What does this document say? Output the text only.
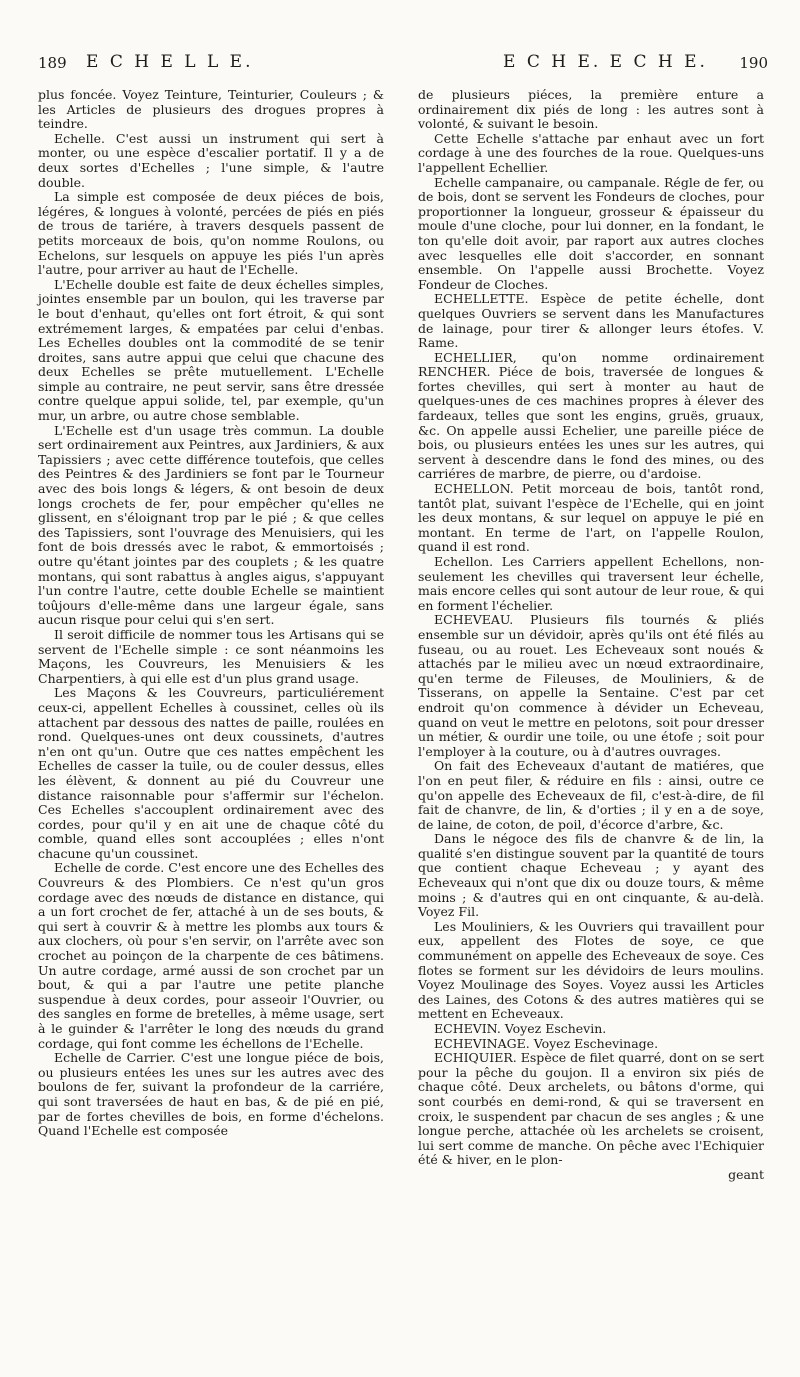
189 E C H E L L E.	E C H E. E C H E. 190

plus foncée. Voyez Teinture, Teinturier, Couleurs ; & les Articles de plusieurs des drogues propres à teindre.

Echelle. C'est aussi un instrument qui sert à monter, ou une espèce d'escalier portatif. Il y a de deux sortes d'Echelles ; l'une simple, & l'autre double.

La simple est composée de deux piéces de bois, légéres, & longues à volonté, percées de piés en piés de trous de tariére, à travers desquels passent de petits morceaux de bois, qu'on nomme Roulons, ou Echelons, sur lesquels on appuye les piés l'un après l'autre, pour arriver au haut de l'Echelle.

L'Echelle double est faite de deux échelles simples, jointes ensemble par un boulon, qui les traverse par le bout d'enhaut, qu'elles ont fort étroit, & qui sont extrémement larges, & empatées par celui d'enbas. Les Echelles doubles ont la commodité de se tenir droites, sans autre appui que celui que chacune des deux Echelles se prête mutuellement. L'Echelle simple au contraire, ne peut servir, sans être dressée contre quelque appui solide, tel, par exemple, qu'un mur, un arbre, ou autre chose semblable.

L'Echelle est d'un usage très commun. La double sert ordinairement aux Peintres, aux Jardiniers, & aux Tapissiers ; avec cette différence toutefois, que celles des Peintres & des Jardiniers se font par le Tourneur avec des bois longs & légers, & ont besoin de deux longs crochets de fer, pour empêcher qu'elles ne glissent, en s'éloignant trop par le pié ; & que celles des Tapissiers, sont l'ouvrage des Menuisiers, qui les font de bois dressés avec le rabot, & emmortoisés ; outre qu'étant jointes par des couplets ; & les quatre montans, qui sont rabattus à angles aigus, s'appuyant l'un contre l'autre, cette double Echelle se maintient toûjours d'elle-même dans une largeur égale, sans aucun risque pour celui qui s'en sert.

Il seroit difficile de nommer tous les Artisans qui se servent de l'Echelle simple : ce sont néanmoins les Maçons, les Couvreurs, les Menuisiers & les Charpentiers, à qui elle est d'un plus grand usage.

Les Maçons & les Couvreurs, particuliérement ceux-ci, appellent Echelles à coussinet, celles où ils attachent par dessous des nattes de paille, roulées en rond. Quelques-unes ont deux coussinets, d'autres n'en ont qu'un. Outre que ces nattes empêchent les Echelles de casser la tuile, ou de couler dessus, elles les élèvent, & donnent au pié du Couvreur une distance raisonnable pour s'affermir sur l'échelon. Ces Echelles s'accouplent ordinairement avec des cordes, pour qu'il y en ait une de chaque côté du comble, quand elles sont accouplées ; elles n'ont chacune qu'un coussinet.

Echelle de corde. C'est encore une des Echelles des Couvreurs & des Plombiers. Ce n'est qu'un gros cordage avec des nœuds de distance en distance, qui a un fort crochet de fer, attaché à un de ses bouts, & qui sert à couvrir & à mettre les plombs aux tours & aux clochers, où pour s'en servir, on l'arrête avec son crochet au poinçon de la charpente de ces bâtimens. Un autre cordage, armé aussi de son crochet par un bout, & qui a par l'autre une petite planche suspendue à deux cordes, pour asseoir l'Ouvrier, ou des sangles en forme de bretelles, à même usage, sert à le guinder & l'arrêter le long des nœuds du grand cordage, qui font comme les échellons de l'Echelle.

Echelle de Carrier. C'est une longue piéce de bois, ou plusieurs entées les unes sur les autres avec des boulons de fer, suivant la profondeur de la carriére, qui sont traversées de haut en bas, & de pié en pié, par de fortes chevilles de bois, en forme d'échelons. Quand l'Echelle est composée

de plusieurs piéces, la première enture a ordinairement dix piés de long : les autres sont à volonté, & suivant le besoin.

Cette Echelle s'attache par enhaut avec un fort cordage à une des fourches de la roue. Quelques-uns l'appellent Echellier.

Echelle campanaire, ou campanale. Régle de fer, ou de bois, dont se servent les Fondeurs de cloches, pour proportionner la longueur, grosseur & épaisseur du moule d'une cloche, pour lui donner, en la fondant, le ton qu'elle doit avoir, par raport aux autres cloches avec lesquelles elle doit s'accorder, en sonnant ensemble. On l'appelle aussi Brochette. Voyez Fondeur de Cloches.

ECHELLETTE. Espèce de petite échelle, dont quelques Ouvriers se servent dans les Manufactures de lainage, pour tirer & allonger leurs étofes. V. Rame.

ECHELLIER, qu'on nomme ordinairement RENCHER. Piéce de bois, traversée de longues & fortes chevilles, qui sert à monter au haut de quelques-unes de ces machines propres à élever des fardeaux, telles que sont les engins, gruës, gruaux, &c. On appelle aussi Echelier, une pareille piéce de bois, ou plusieurs entées les unes sur les autres, qui servent à descendre dans le fond des mines, ou des carriéres de marbre, de pierre, ou d'ardoise.

ECHELLON. Petit morceau de bois, tantôt rond, tantôt plat, suivant l'espèce de l'Echelle, qui en joint les deux montans, & sur lequel on appuye le pié en montant. En terme de l'art, on l'appelle Roulon, quand il est rond.

Echellon. Les Carriers appellent Echellons, non-seulement les chevilles qui traversent leur échelle, mais encore celles qui sont autour de leur roue, & qui en forment l'échelier.

ECHEVEAU. Plusieurs fils tournés & pliés ensemble sur un dévidoir, après qu'ils ont été filés au fuseau, ou au rouet. Les Echeveaux sont noués & attachés par le milieu avec un nœud extraordinaire, qu'en terme de Fileuses, de Mouliniers, & de Tisserans, on appelle la Sentaine. C'est par cet endroit qu'on commence à dévider un Echeveau, quand on veut le mettre en pelotons, soit pour dresser un métier, & ourdir une toile, ou une étofe ; soit pour l'employer à la couture, ou à d'autres ouvrages.

On fait des Echeveaux d'autant de matiéres, que l'on en peut filer, & réduire en fils : ainsi, outre ce qu'on appelle des Echeveaux de fil, c'est-à-dire, de fil fait de chanvre, de lin, & d'orties ; il y en a de soye, de laine, de coton, de poil, d'écorce d'arbre, &c.

Dans le négoce des fils de chanvre & de lin, la qualité s'en distingue souvent par la quantité de tours que contient chaque Echeveau ; y ayant des Echeveaux qui n'ont que dix ou douze tours, & même moins ; & d'autres qui en ont cinquante, & au-delà. Voyez Fil.

Les Mouliniers, & les Ouvriers qui travaillent pour eux, appellent des Flotes de soye, ce que communément on appelle des Echeveaux de soye. Ces flotes se forment sur les dévidoirs de leurs moulins. Voyez Moulinage des Soyes. Voyez aussi les Articles des Laines, des Cotons & des autres matières qui se mettent en Echeveaux.

ECHEVIN. Voyez Eschevin.

ECHEVINAGE. Voyez Eschevinage.

ECHIQUIER. Espèce de filet quarré, dont on se sert pour la pêche du goujon. Il a environ six piés de chaque côté. Deux archelets, ou bâtons d'orme, qui sont courbés en demi-rond, & qui se traversent en croix, le suspendent par chacun de ses angles ; & une longue perche, attachée où les archelets se croisent, lui sert comme de manche. On pêche avec l'Echiquier été & hiver, en le plon-

geant
